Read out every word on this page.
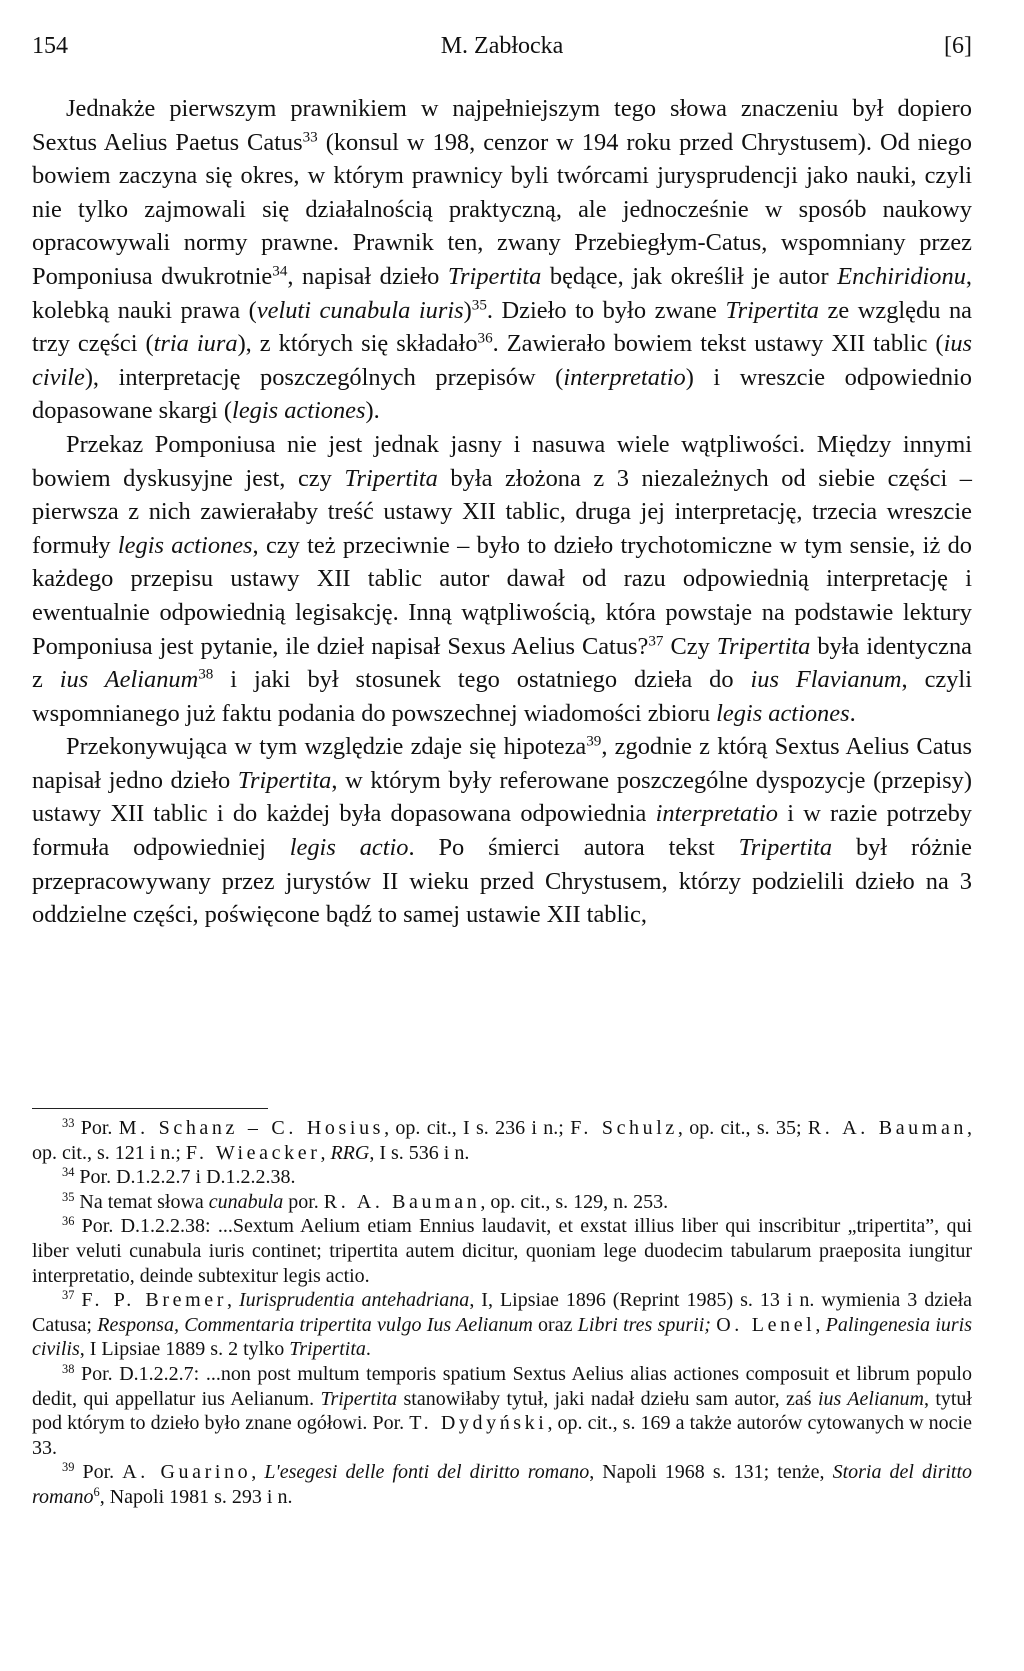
M. Zabłocka
154	[6]

Jednakże pierwszym prawnikiem w najpełniejszym tego słowa znaczeniu był dopiero Sextus Aelius Paetus Catus$^{33}$ (konsul w 198, cenzor w 194 roku przed Chrystusem). Od niego bowiem zaczyna się okres, w którym prawnicy byli twórcami jurysprudencji jako nauki, czyli nie tylko zajmowali się działalnością praktyczną, ale jednocześnie w sposób naukowy opracowywali normy prawne. Prawnik ten, zwany Przebiegłym-Catus, wspomniany przez Pomponiusa dwukrotnie$^{34}$, napisał dzieło Tripertita będące, jak określił je autor Enchiridionu, kolebką nauki prawa (veluti cunabula iuris)$^{35}$. Dzieło to było zwane Tripertita ze względu na trzy części (tria iura), z których się składało$^{36}$. Zawierało bowiem tekst ustawy XII tablic (ius civile), interpretację poszczególnych przepisów (interpretatio) i wreszcie odpowiednio dopasowane skargi (legis actiones).

Przekaz Pomponiusa nie jest jednak jasny i nasuwa wiele wątpliwości. Między innymi bowiem dyskusyjne jest, czy Tripertita była złożona z 3 niezależnych od siebie części – pierwsza z nich zawierałaby treść ustawy XII tablic, druga jej interpretację, trzecia wreszcie formuły legis actiones, czy też przeciwnie – było to dzieło trychotomiczne w tym sensie, iż do każdego przepisu ustawy XII tablic autor dawał od razu odpowiednią interpretację i ewentualnie odpowiednią legisakcję. Inną wątpliwością, która powstaje na podstawie lektury Pomponiusa jest pytanie, ile dzieł napisał Sexus Aelius Catus?$^{37}$ Czy Tripertita była identyczna z ius Aelianum$^{38}$ i jaki był stosunek tego ostatniego dzieła do ius Flavianum, czyli wspomnianego już faktu podania do powszechnej wiadomości zbioru legis actiones.

Przekonywująca w tym względzie zdaje się hipoteza$^{39}$, zgodnie z którą Sextus Aelius Catus napisał jedno dzieło Tripertita, w którym były referowane poszczególne dyspozycje (przepisy) ustawy XII tablic i do każdej była dopasowana odpowiednia interpretatio i w razie potrzeby formuła odpowiedniej legis actio. Po śmierci autora tekst Tripertita był różnie przepracowywany przez jurystów II wieku przed Chrystusem, którzy podzielili dzieło na 3 oddzielne części, poświęcone bądź to samej ustawie XII tablic,

$^{33}$ Por. M. Schanz – C. Hosius, op. cit., I s. 236 i n.; F. Schulz, op. cit., s. 35; R. A. Bauman, op. cit., s. 121 i n.; F. Wieacker, RRG, I s. 536 i n.

$^{34}$ Por. D.1.2.2.7 i D.1.2.2.38.

$^{35}$ Na temat słowa cunabula por. R. A. Bauman, op. cit., s. 129, n. 253.

$^{36}$ Por. D.1.2.2.38: ...Sextum Aelium etiam Ennius laudavit, et exstat illius liber qui inscribitur „tripertita”, qui liber veluti cunabula iuris continet; tripertita autem dicitur, quoniam lege duodecim tabularum praeposita iungitur interpretatio, deinde subtexitur legis actio.

$^{37}$ F. P. Bremer, Iurisprudentia antehadriana, I, Lipsiae 1896 (Reprint 1985) s. 13 i n. wymienia 3 dzieła Catusa; Responsa, Commentaria tripertita vulgo Ius Aelianum oraz Libri tres spurii; O. Lenel, Palingenesia iuris civilis, I Lipsiae 1889 s. 2 tylko Tripertita.

$^{38}$ Por. D.1.2.2.7: ...non post multum temporis spatium Sextus Aelius alias actiones composuit et librum populo dedit, qui appellatur ius Aelianum. Tripertita stanowiłaby tytuł, jaki nadał dziełu sam autor, zaś ius Aelianum, tytuł pod którym to dzieło było znane ogółowi. Por. T. Dydyński, op. cit., s. 169 a także autorów cytowanych w nocie 33.

$^{39}$ Por. A. Guarino, L'esegesi delle fonti del diritto romano, Napoli 1968 s. 131; tenże, Storia del diritto romano$^6$, Napoli 1981 s. 293 i n.
